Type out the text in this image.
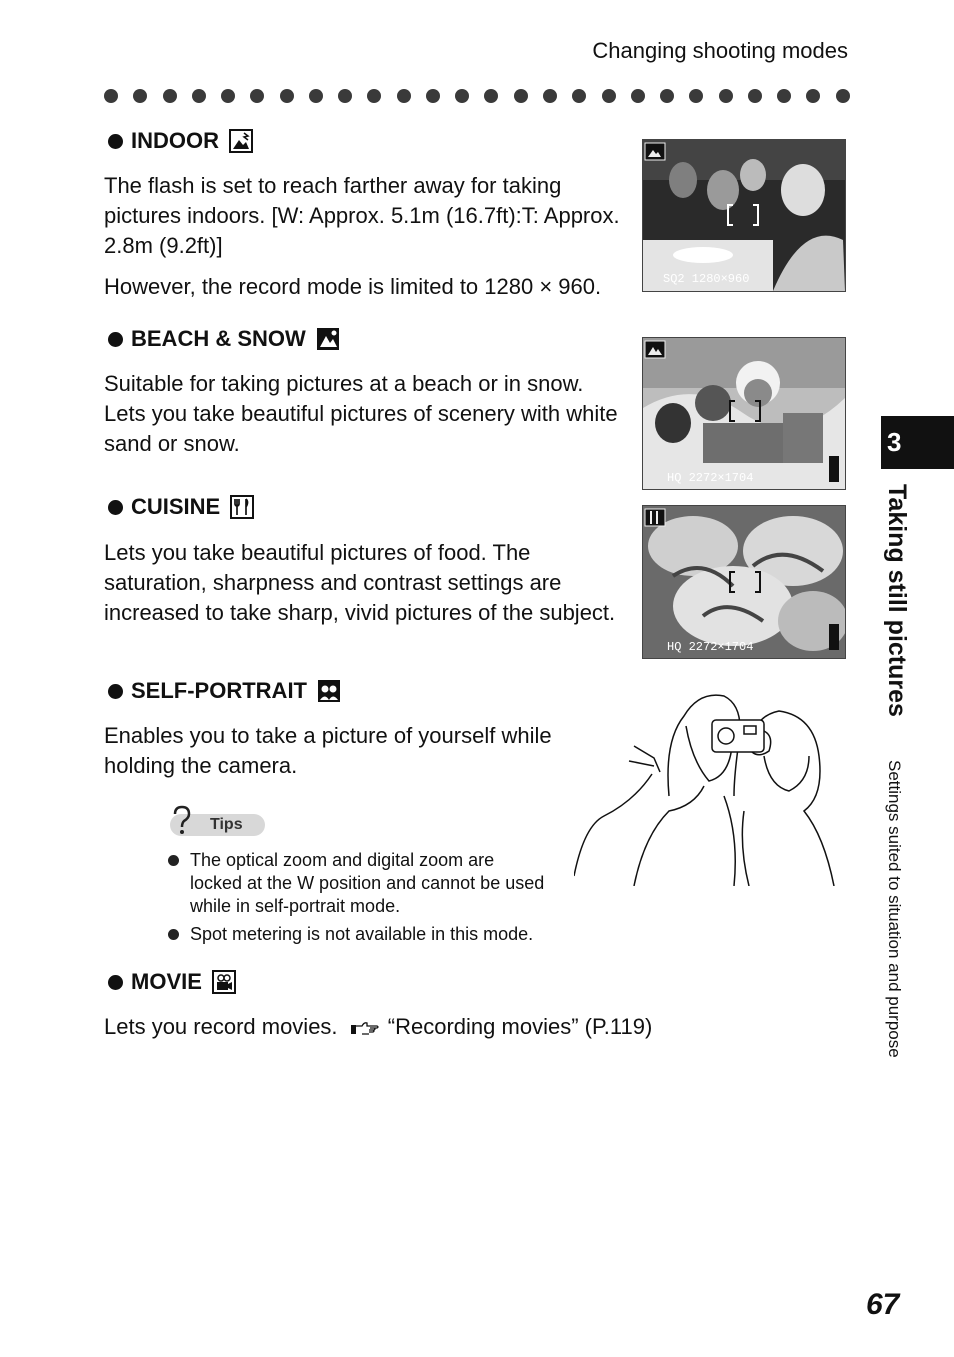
Changing shooting modes
INDOOR
The flash is set to reach farther away for taking pictures indoors. [W: Approx. 5.1m (16.7ft):T: Approx. 2.8m (9.2ft)]
However, the record mode is limited to 1280 × 960.	SQ2 1280×960
BEACH & SNOW
Suitable for taking pictures at a beach or in snow. Lets you take beautiful pictures of scenery with white sand or snow.
HQ 2272×1704
CUISINE
Lets you take beautiful pictures of food. The saturation, sharpness and contrast settings are increased to take sharp, vivid pictures of the subject.
HQ 2272×1704
SELF-PORTRAIT
Enables you to take a picture of yourself while holding the camera.
Tips
The optical zoom and digital zoom are locked at the W position and cannot be used while in self-portrait mode.
Spot metering is not available in this mode.
MOVIE
Lets you record movies. “Recording movies” (P.119)
3
Taking still pictures
Settings suited to situation and purpose
67
